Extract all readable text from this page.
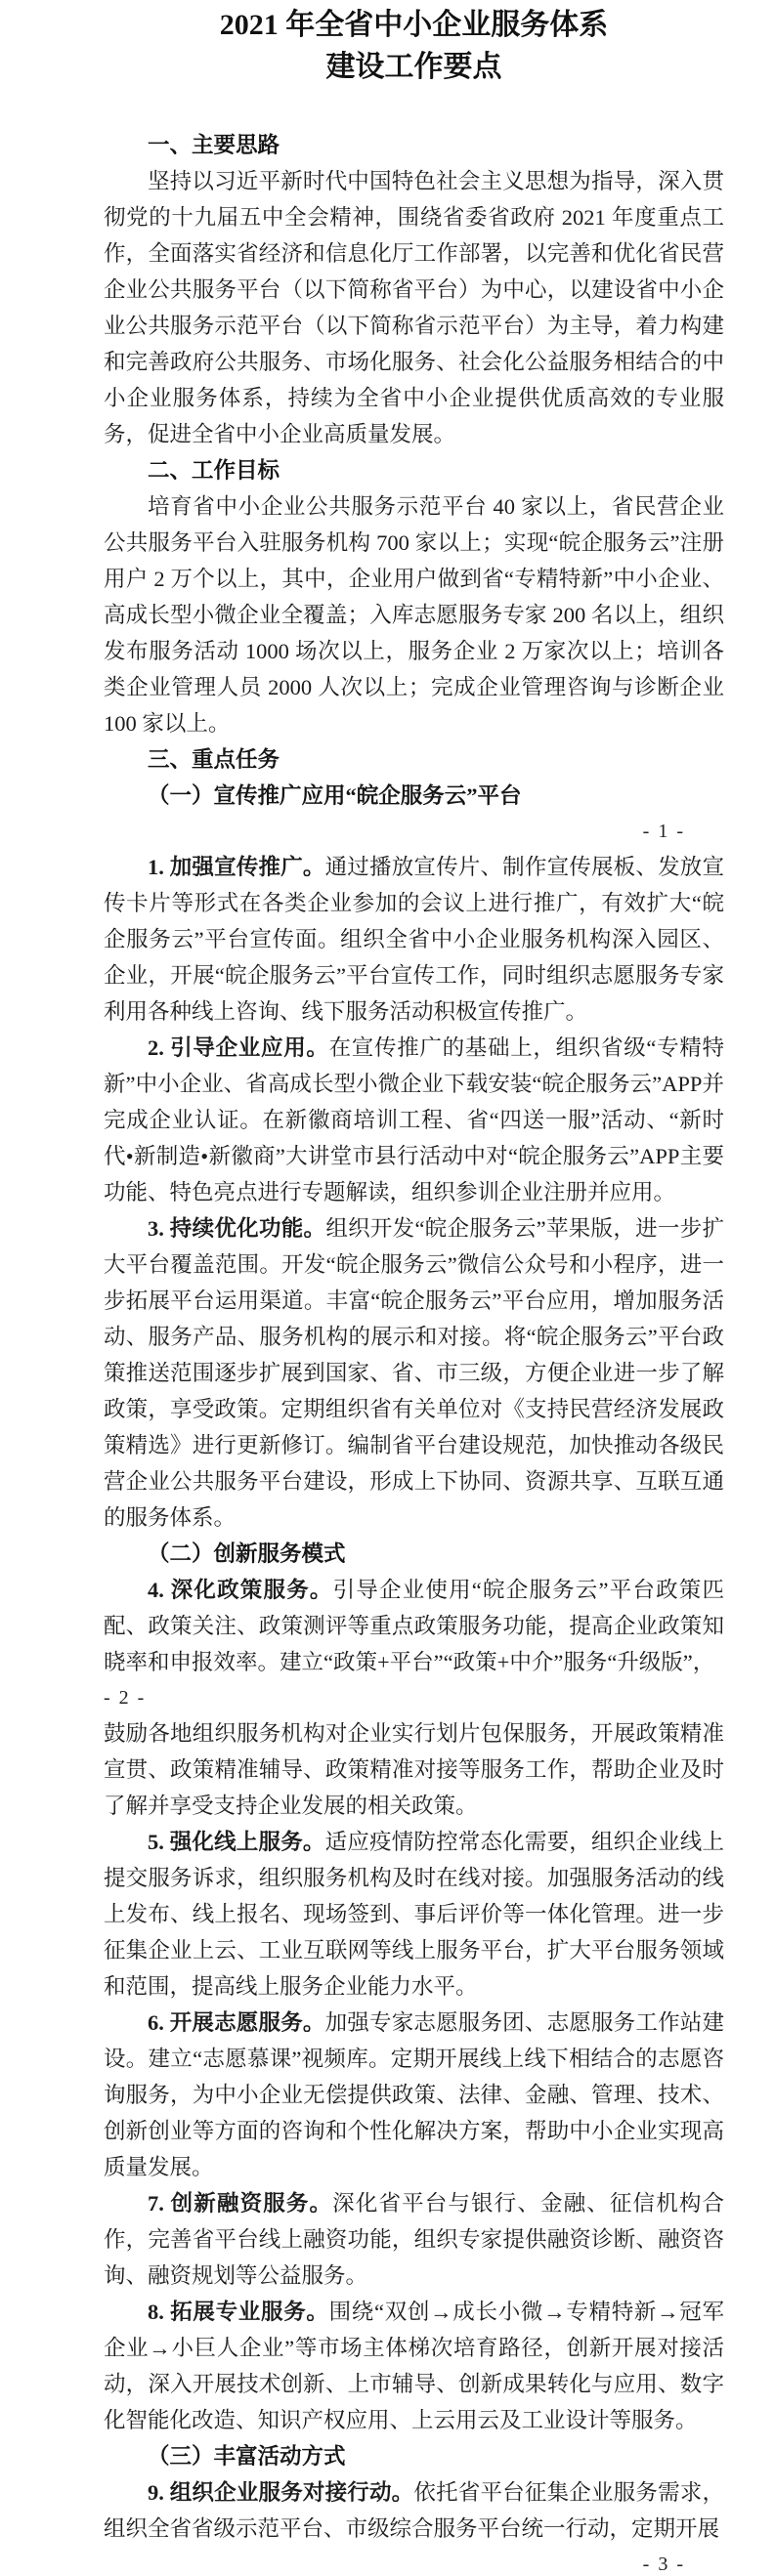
2021 年全省中小企业服务体系
建设工作要点
一、主要思路

坚持以习近平新时代中国特色社会主义思想为指导，深入贯彻党的十九届五中全会精神，围绕省委省政府 2021 年度重点工作，全面落实省经济和信息化厅工作部署，以完善和优化省民营企业公共服务平台（以下简称省平台）为中心，以建设省中小企业公共服务示范平台（以下简称省示范平台）为主导，着力构建和完善政府公共服务、市场化服务、社会化公益服务相结合的中小企业服务体系，持续为全省中小企业提供优质高效的专业服务，促进全省中小企业高质量发展。

二、工作目标

培育省中小企业公共服务示范平台 40 家以上，省民营企业公共服务平台入驻服务机构 700 家以上；实现“皖企服务云”注册用户 2 万个以上，其中，企业用户做到省“专精特新”中小企业、高成长型小微企业全覆盖；入库志愿服务专家 200 名以上，组织发布服务活动 1000 场次以上，服务企业 2 万家次以上；培训各类企业管理人员 2000 人次以上；完成企业管理咨询与诊断企业 100 家以上。

三、重点任务
（一）宣传推广应用“皖企服务云”平台
- 1 -

1. 加强宣传推广。通过播放宣传片、制作宣传展板、发放宣传卡片等形式在各类企业参加的会议上进行推广，有效扩大“皖企服务云”平台宣传面。组织全省中小企业服务机构深入园区、企业，开展“皖企服务云”平台宣传工作，同时组织志愿服务专家利用各种线上咨询、线下服务活动积极宣传推广。

2. 引导企业应用。在宣传推广的基础上，组织省级“专精特新”中小企业、省高成长型小微企业下载安装“皖企服务云”APP并完成企业认证。在新徽商培训工程、省“四送一服”活动、“新时代•新制造•新徽商”大讲堂市县行活动中对“皖企服务云”APP主要功能、特色亮点进行专题解读，组织参训企业注册并应用。

3. 持续优化功能。组织开发“皖企服务云”苹果版，进一步扩大平台覆盖范围。开发“皖企服务云”微信公众号和小程序，进一步拓展平台运用渠道。丰富“皖企服务云”平台应用，增加服务活动、服务产品、服务机构的展示和对接。将“皖企服务云”平台政策推送范围逐步扩展到国家、省、市三级，方便企业进一步了解政策，享受政策。定期组织省有关单位对《支持民营经济发展政策精选》进行更新修订。编制省平台建设规范，加快推动各级民营企业公共服务平台建设，形成上下协同、资源共享、互联互通的服务体系。

（二）创新服务模式

4. 深化政策服务。引导企业使用“皖企服务云”平台政策匹配、政策关注、政策测评等重点政策服务功能，提高企业政策知晓率和申报效率。建立“政策+平台”“政策+中介”服务“升级版”，

- 2 -

鼓励各地组织服务机构对企业实行划片包保服务，开展政策精准宣贯、政策精准辅导、政策精准对接等服务工作，帮助企业及时了解并享受支持企业发展的相关政策。

5. 强化线上服务。适应疫情防控常态化需要，组织企业线上提交服务诉求，组织服务机构及时在线对接。加强服务活动的线上发布、线上报名、现场签到、事后评价等一体化管理。进一步征集企业上云、工业互联网等线上服务平台，扩大平台服务领域和范围，提高线上服务企业能力水平。

6. 开展志愿服务。加强专家志愿服务团、志愿服务工作站建设。建立“志愿慕课”视频库。定期开展线上线下相结合的志愿咨询服务，为中小企业无偿提供政策、法律、金融、管理、技术、创新创业等方面的咨询和个性化解决方案，帮助中小企业实现高质量发展。

7. 创新融资服务。深化省平台与银行、金融、征信机构合作，完善省平台线上融资功能，组织专家提供融资诊断、融资咨询、融资规划等公益服务。

8. 拓展专业服务。围绕“双创→成长小微→专精特新→冠军企业→小巨人企业”等市场主体梯次培育路径，创新开展对接活动，深入开展技术创新、上市辅导、创新成果转化与应用、数字化智能化改造、知识产权应用、上云用云及工业设计等服务。

（三）丰富活动方式

9. 组织企业服务对接行动。依托省平台征集企业服务需求，组织全省省级示范平台、市级综合服务平台统一行动，定期开展

- 3 -
